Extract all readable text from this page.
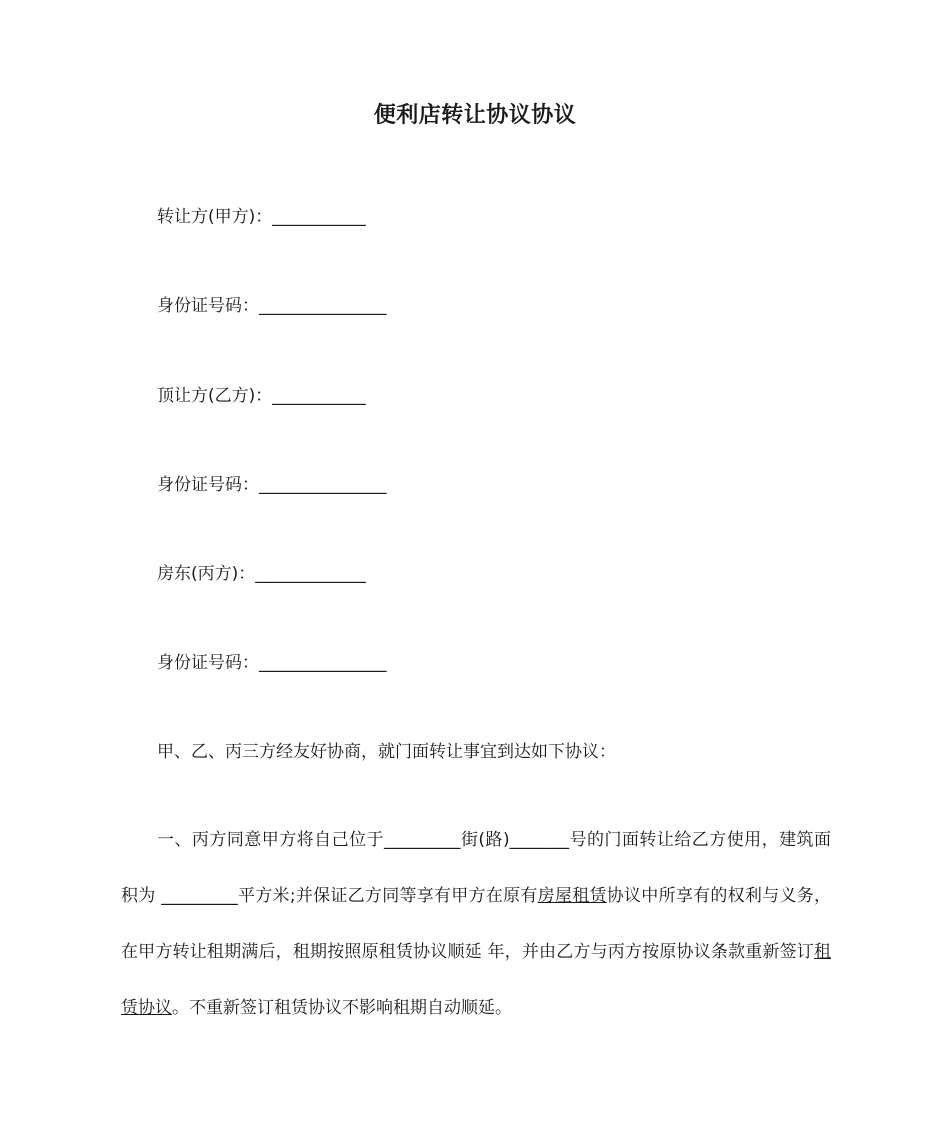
便利店转让协议协议
转让方(甲方)：___________
身份证号码：_______________
顶让方(乙方)：___________
身份证号码：_______________
房东(丙方)：_____________
身份证号码：_______________
甲、乙、丙三方经友好协商，就门面转让事宜到达如下协议：

一、丙方同意甲方将自己位于_________街(路)_______号的门面转让给乙方使用，建筑面积为 _________平方米;并保证乙方同等享有甲方在原有房屋租赁协议中所享有的权利与义务，在甲方转让租期满后，租期按照原租赁协议顺延 年，并由乙方与丙方按原协议条款重新签订租赁协议。不重新签订租赁协议不影响租期自动顺延。
